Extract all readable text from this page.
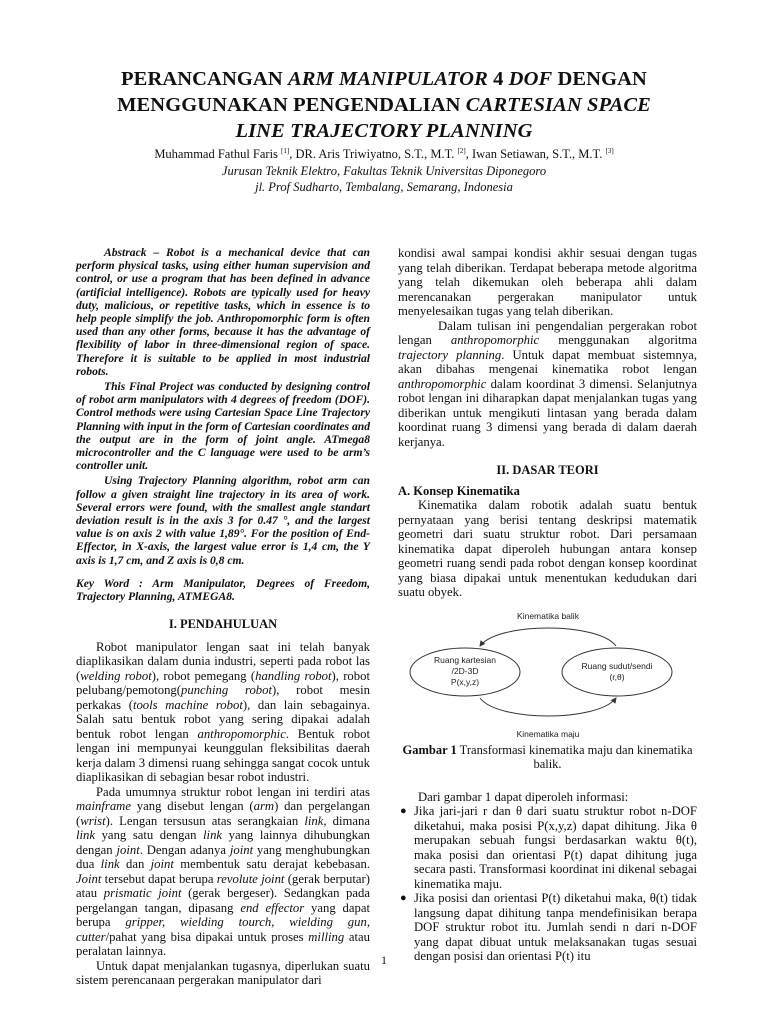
PERANCANGAN ARM MANIPULATOR 4 DOF DENGAN
MENGGUNAKAN PENGENDALIAN CARTESIAN SPACE
LINE TRAJECTORY PLANNING
Muhammad Fathul Faris [1], DR. Aris Triwiyatno, S.T., M.T. [2], Iwan Setiawan, S.T., M.T. [3]
Jurusan Teknik Elektro, Fakultas Teknik Universitas Diponegoro
jl. Prof Sudharto, Tembalang, Semarang, Indonesia

Abstrack – Robot is a mechanical device that can perform physical tasks, using either human supervision and control, or use a program that has been defined in advance (artificial intelligence). Robots are typically used for heavy duty, malicious, or repetitive tasks, which in essence is to help people simplify the job. Anthropomorphic form is often used than any other forms, because it has the advantage of flexibility of labor in three-dimensional region of space. Therefore it is suitable to be applied in most industrial robots.

This Final Project was conducted by designing control of robot arm manipulators with 4 degrees of freedom (DOF). Control methods were using Cartesian Space Line Trajectory Planning with input in the form of Cartesian coordinates and the output are in the form of joint angle. ATmega8 microcontroller and the C language were used to be arm’s controller unit.

Using Trajectory Planning algorithm, robot arm can follow a given straight line trajectory in its area of work. Several errors were found, with the smallest angle standart deviation result is in the axis 3 for 0.47 °, and the largest value is on axis 2 with value 1,89°. For the position of End-Effector, in X-axis, the largest value error is 1,4 cm, the Y axis is 1,7 cm, and Z axis is 0,8 cm.

Key Word : Arm Manipulator, Degrees of Freedom, Trajectory Planning, ATMEGA8.

I. PENDAHULUAN

Robot manipulator lengan saat ini telah banyak diaplikasikan dalam dunia industri, seperti pada robot las (welding robot), robot pemegang (handling robot), robot pelubang/pemotong(punching robot), robot mesin perkakas (tools machine robot), dan lain sebagainya. Salah satu bentuk robot yang sering dipakai adalah bentuk robot lengan anthropomorphic. Bentuk robot lengan ini mempunyai keunggulan fleksibilitas daerah kerja dalam 3 dimensi ruang sehingga sangat cocok untuk diaplikasikan di sebagian besar robot industri.

Pada umumnya struktur robot lengan ini terdiri atas mainframe yang disebut lengan (arm) dan pergelangan (wrist). Lengan tersusun atas serangkaian link, dimana link yang satu dengan link yang lainnya dihubungkan dengan joint. Dengan adanya joint yang menghubungkan dua link dan joint membentuk satu derajat kebebasan. Joint tersebut dapat berupa revolute joint (gerak berputar) atau prismatic joint (gerak bergeser). Sedangkan pada pergelangan tangan, dipasang end effector yang dapat berupa gripper, wielding tourch, wielding gun, cutter/pahat yang bisa dipakai untuk proses milling atau peralatan lainnya.

Untuk dapat menjalankan tugasnya, diperlukan suatu sistem perencanaan pergerakan manipulator dari

kondisi awal sampai kondisi akhir sesuai dengan tugas yang telah diberikan. Terdapat beberapa metode algoritma yang telah dikemukan oleh beberapa ahli dalam merencanakan pergerakan manipulator untuk menyelesaikan tugas yang telah diberikan.

Dalam tulisan ini pengendalian pergerakan robot lengan anthropomorphic menggunakan algoritma trajectory planning. Untuk dapat membuat sistemnya, akan dibahas mengenai kinematika robot lengan anthropomorphic dalam koordinat 3 dimensi. Selanjutnya robot lengan ini diharapkan dapat menjalankan tugas yang diberikan untuk mengikuti lintasan yang berada dalam koordinat ruang 3 dimensi yang berada di dalam daerah kerjanya.

II. DASAR TEORI

A. Konsep Kinematika

Kinematika dalam robotik adalah suatu bentuk pernyataan yang berisi tentang deskripsi matematik geometri dari suatu struktur robot. Dari persamaan kinematika dapat diperoleh hubungan antara konsep geometri ruang sendi pada robot dengan konsep koordinat yang biasa dipakai untuk menentukan kedudukan dari suatu obyek.

Kinematika balik
Ruang kartesian
/2D-3D
P(x,y,z)
Ruang sudut/sendi
(r,θ)
Kinematika maju

Gambar 1 Transformasi kinematika maju dan kinematika balik.

Dari gambar 1 dapat diperoleh informasi:

● Jika jari-jari r dan θ dari suatu struktur robot n-DOF diketahui, maka posisi P(x,y,z) dapat dihitung. Jika θ merupakan sebuah fungsi berdasarkan waktu θ(t), maka posisi dan orientasi P(t) dapat dihitung juga secara pasti. Transformasi koordinat ini dikenal sebagai kinematika maju.

● Jika posisi dan orientasi P(t) diketahui maka, θ(t) tidak langsung dapat dihitung tanpa mendefinisikan berapa DOF struktur robot itu. Jumlah sendi n dari n-DOF yang dapat dibuat untuk melaksanakan tugas sesuai dengan posisi dan orientasi P(t) itu

1
